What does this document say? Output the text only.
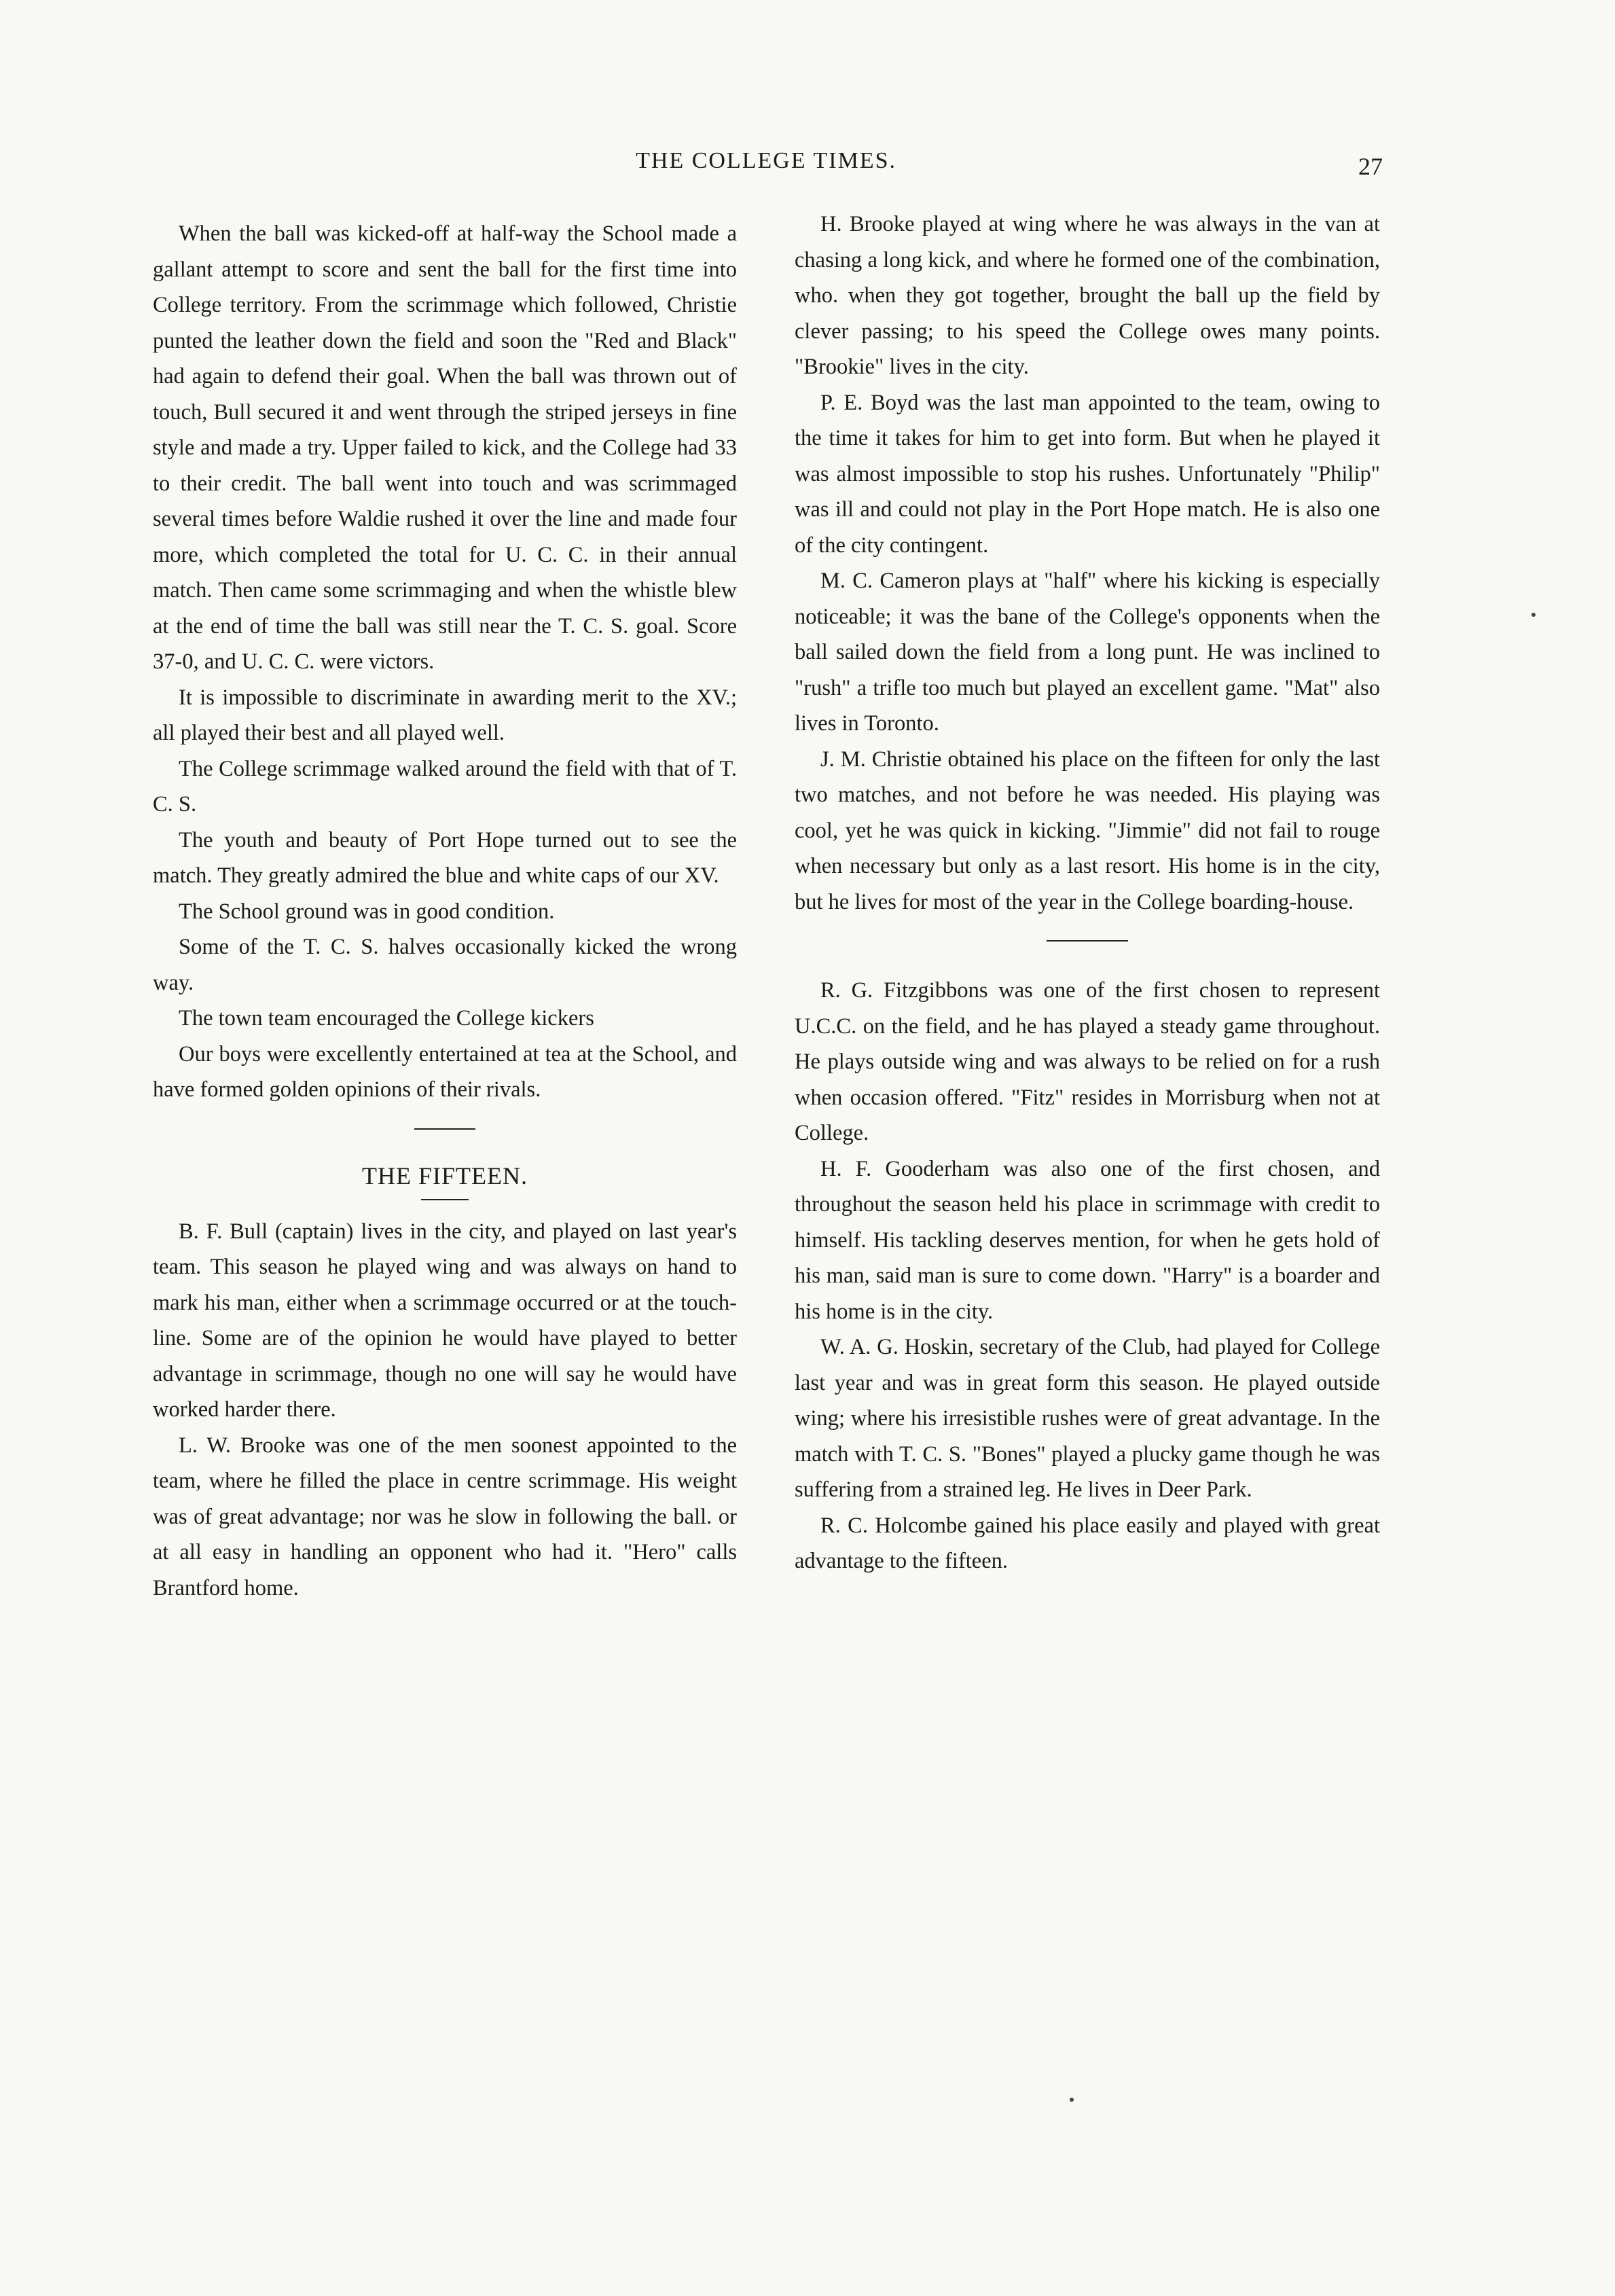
THE COLLEGE TIMES.	27

When the ball was kicked-off at half-way the School made a gallant attempt to score and sent the ball for the first time into College territory. From the scrimmage which followed, Christie punted the leather down the field and soon the "Red and Black" had again to defend their goal. When the ball was thrown out of touch, Bull secured it and went through the striped jerseys in fine style and made a try. Upper failed to kick, and the College had 33 to their credit. The ball went into touch and was scrimmaged several times before Waldie rushed it over the line and made four more, which completed the total for U. C. C. in their annual match. Then came some scrimmaging and when the whistle blew at the end of time the ball was still near the T. C. S. goal. Score 37-0, and U. C. C. were victors.

It is impossible to discriminate in awarding merit to the XV.; all played their best and all played well.

The College scrimmage walked around the field with that of T. C. S.

The youth and beauty of Port Hope turned out to see the match. They greatly admired the blue and white caps of our XV.

The School ground was in good condition.

Some of the T. C. S. halves occasionally kicked the wrong way.

The town team encouraged the College kickers

Our boys were excellently entertained at tea at the School, and have formed golden opinions of their rivals.

THE FIFTEEN.

B. F. Bull (captain) lives in the city, and played on last year's team. This season he played wing and was always on hand to mark his man, either when a scrimmage occurred or at the touch-line. Some are of the opinion he would have played to better advantage in scrimmage, though no one will say he would have worked harder there.

L. W. Brooke was one of the men soonest appointed to the team, where he filled the place in centre scrimmage. His weight was of great advantage; nor was he slow in following the ball. or at all easy in handling an opponent who had it. "Hero" calls Brantford home.

H. Brooke played at wing where he was always in the van at chasing a long kick, and where he formed one of the combination, who. when they got together, brought the ball up the field by clever passing; to his speed the College owes many points. "Brookie" lives in the city.

P. E. Boyd was the last man appointed to the team, owing to the time it takes for him to get into form. But when he played it was almost impossible to stop his rushes. Unfortunately "Philip" was ill and could not play in the Port Hope match. He is also one of the city contingent.

M. C. Cameron plays at "half" where his kicking is especially noticeable; it was the bane of the College's opponents when the ball sailed down the field from a long punt. He was inclined to "rush" a trifle too much but played an excellent game. "Mat" also lives in Toronto.

J. M. Christie obtained his place on the fifteen for only the last two matches, and not before he was needed. His playing was cool, yet he was quick in kicking. "Jimmie" did not fail to rouge when necessary but only as a last resort. His home is in the city, but he lives for most of the year in the College boarding-house.

R. G. Fitzgibbons was one of the first chosen to represent U.C.C. on the field, and he has played a steady game throughout. He plays outside wing and was always to be relied on for a rush when occasion offered. "Fitz" resides in Morrisburg when not at College.

H. F. Gooderham was also one of the first chosen, and throughout the season held his place in scrimmage with credit to himself. His tackling deserves mention, for when he gets hold of his man, said man is sure to come down. "Harry" is a boarder and his home is in the city.

W. A. G. Hoskin, secretary of the Club, had played for College last year and was in great form this season. He played outside wing; where his irresistible rushes were of great advantage. In the match with T. C. S. "Bones" played a plucky game though he was suffering from a strained leg. He lives in Deer Park.

R. C. Holcombe gained his place easily and played with great advantage to the fifteen.
